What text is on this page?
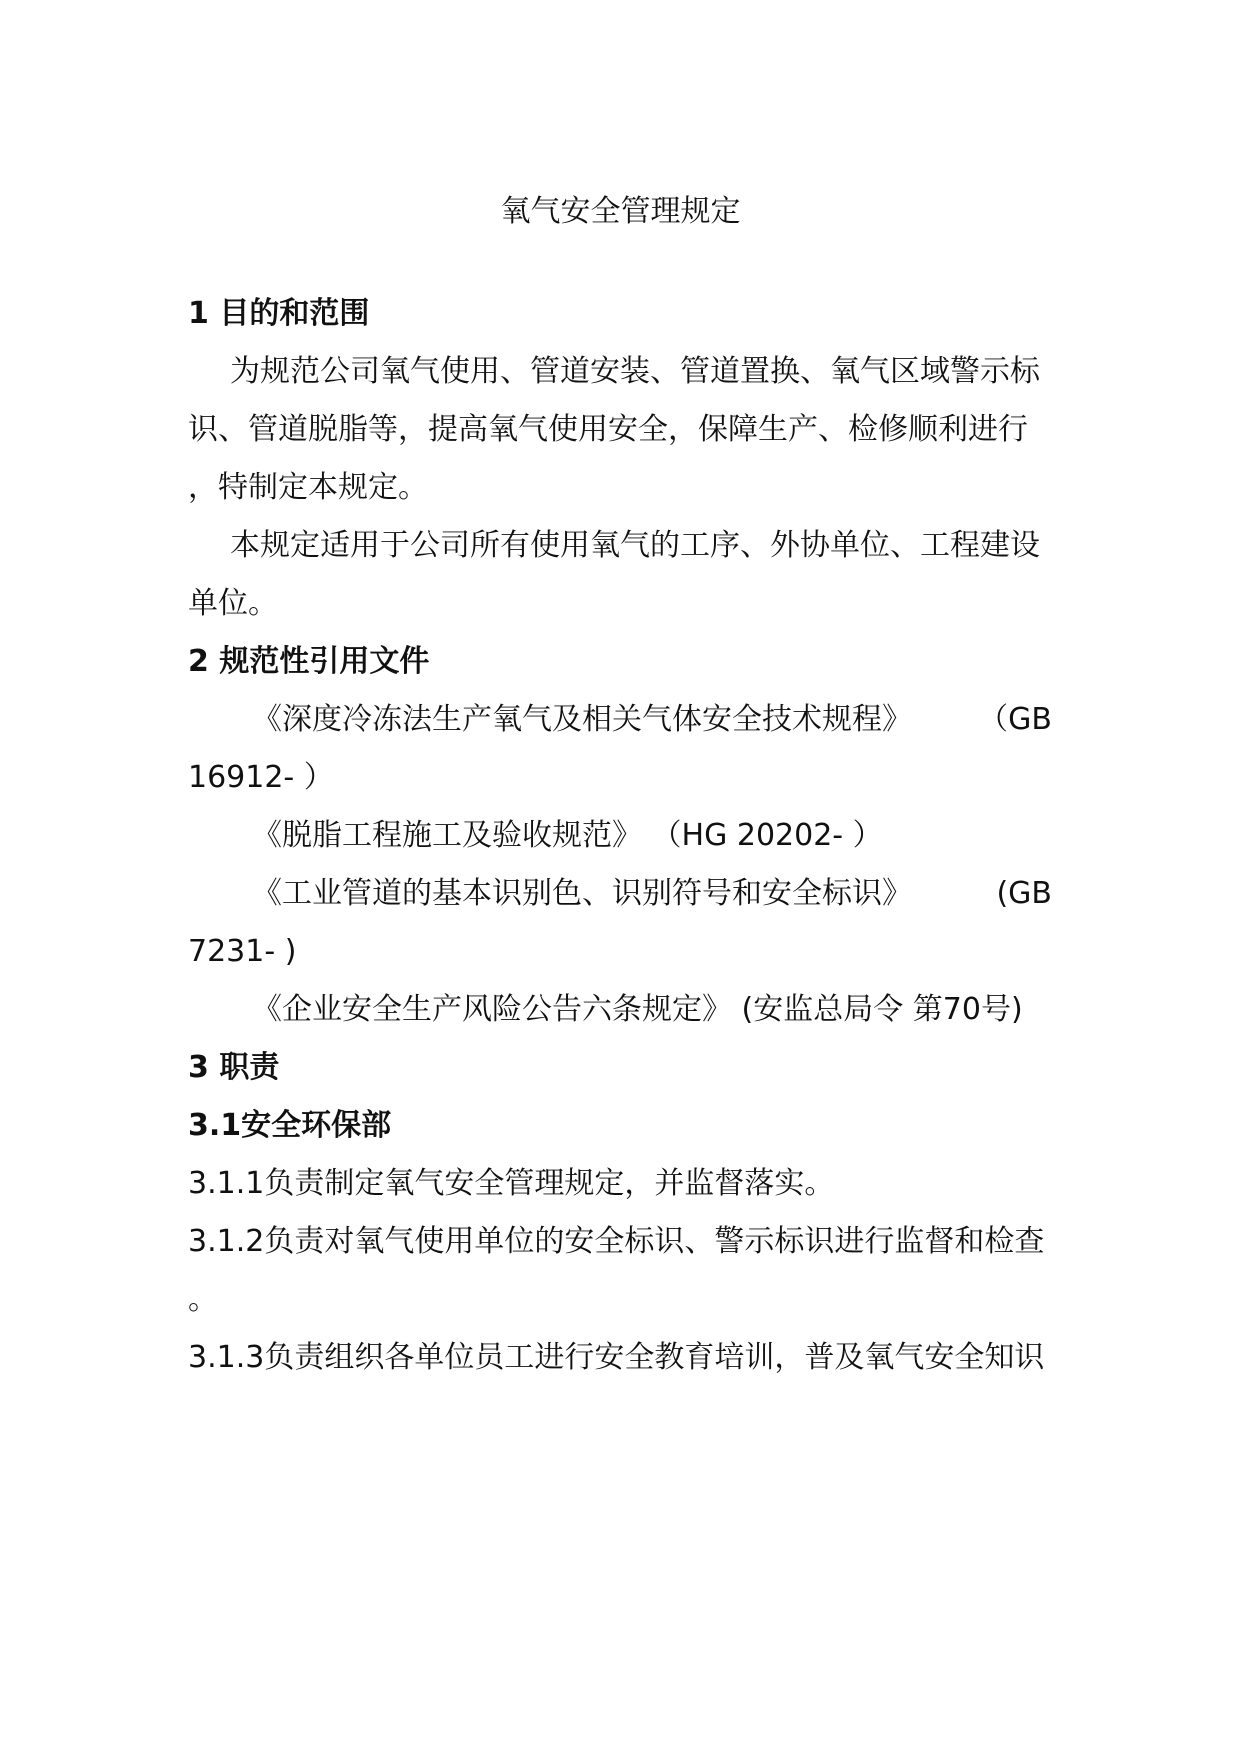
氧气安全管理规定
1 目的和范围
为规范公司氧气使用、管道安装、管道置换、氧气区域警示标
识、管道脱脂等，提高氧气使用安全，保障生产、检修顺利进行
，特制定本规定。
本规定适用于公司所有使用氧气的工序、外协单位、工程建设
单位。
2 规范性引用文件
《深度冷冻法生产氧气及相关气体安全技术规程》	（GB
16912- ）
《脱脂工程施工及验收规范》 （HG 20202- ）
《工业管道的基本识别色、识别符号和安全标识》	(GB
7231- )
《企业安全生产风险公告六条规定》 (安监总局令 第70号)
3 职责
3.1安全环保部
3.1.1负责制定氧气安全管理规定，并监督落实。
3.1.2负责对氧气使用单位的安全标识、警示标识进行监督和检查
。
3.1.3负责组织各单位员工进行安全教育培训，普及氧气安全知识
